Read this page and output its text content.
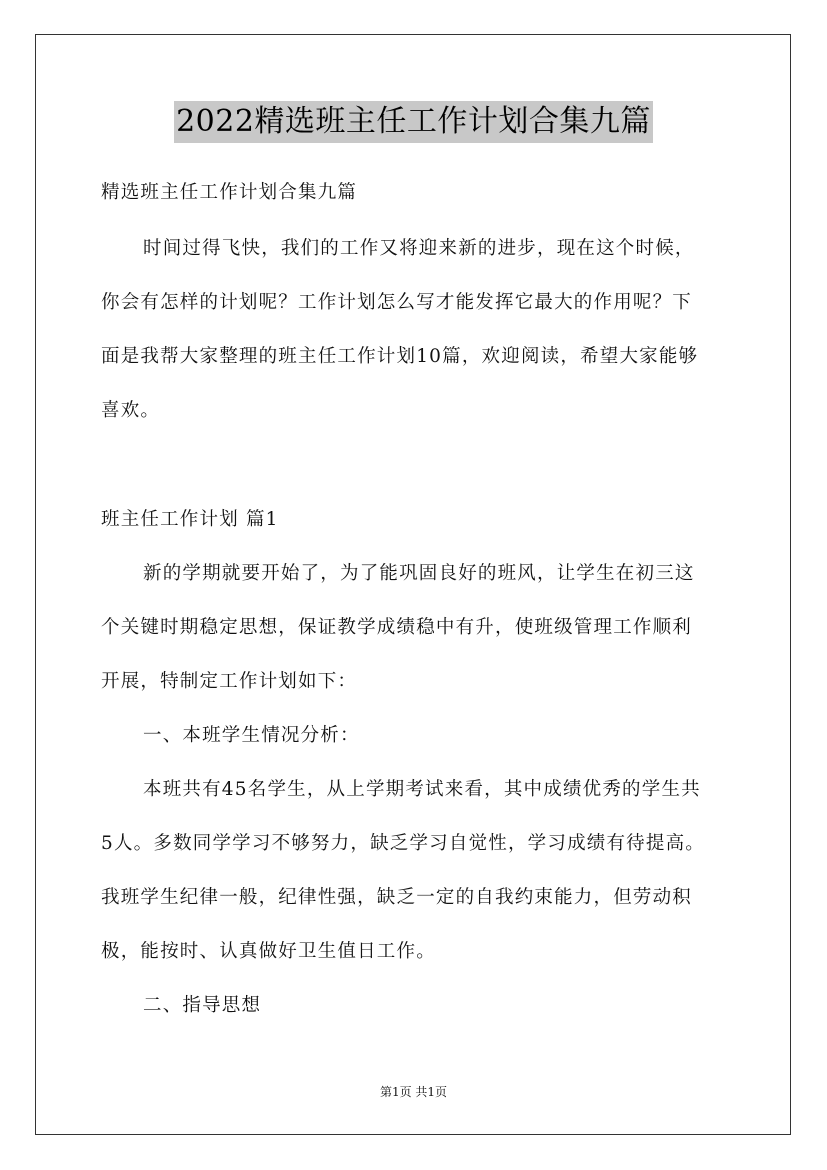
2022精选班主任工作计划合集九篇
精选班主任工作计划合集九篇
时间过得飞快，我们的工作又将迎来新的进步，现在这个时候，
你会有怎样的计划呢？工作计划怎么写才能发挥它最大的作用呢？下
面是我帮大家整理的班主任工作计划10篇，欢迎阅读，希望大家能够
喜欢。
班主任工作计划 篇1
新的学期就要开始了，为了能巩固良好的班风，让学生在初三这
个关键时期稳定思想，保证教学成绩稳中有升，使班级管理工作顺利
开展，特制定工作计划如下：
一、本班学生情况分析：
本班共有45名学生，从上学期考试来看，其中成绩优秀的学生共
5人。多数同学学习不够努力，缺乏学习自觉性，学习成绩有待提高。
我班学生纪律一般，纪律性强，缺乏一定的自我约束能力，但劳动积
极，能按时、认真做好卫生值日工作。
二、指导思想
第1页 共1页
